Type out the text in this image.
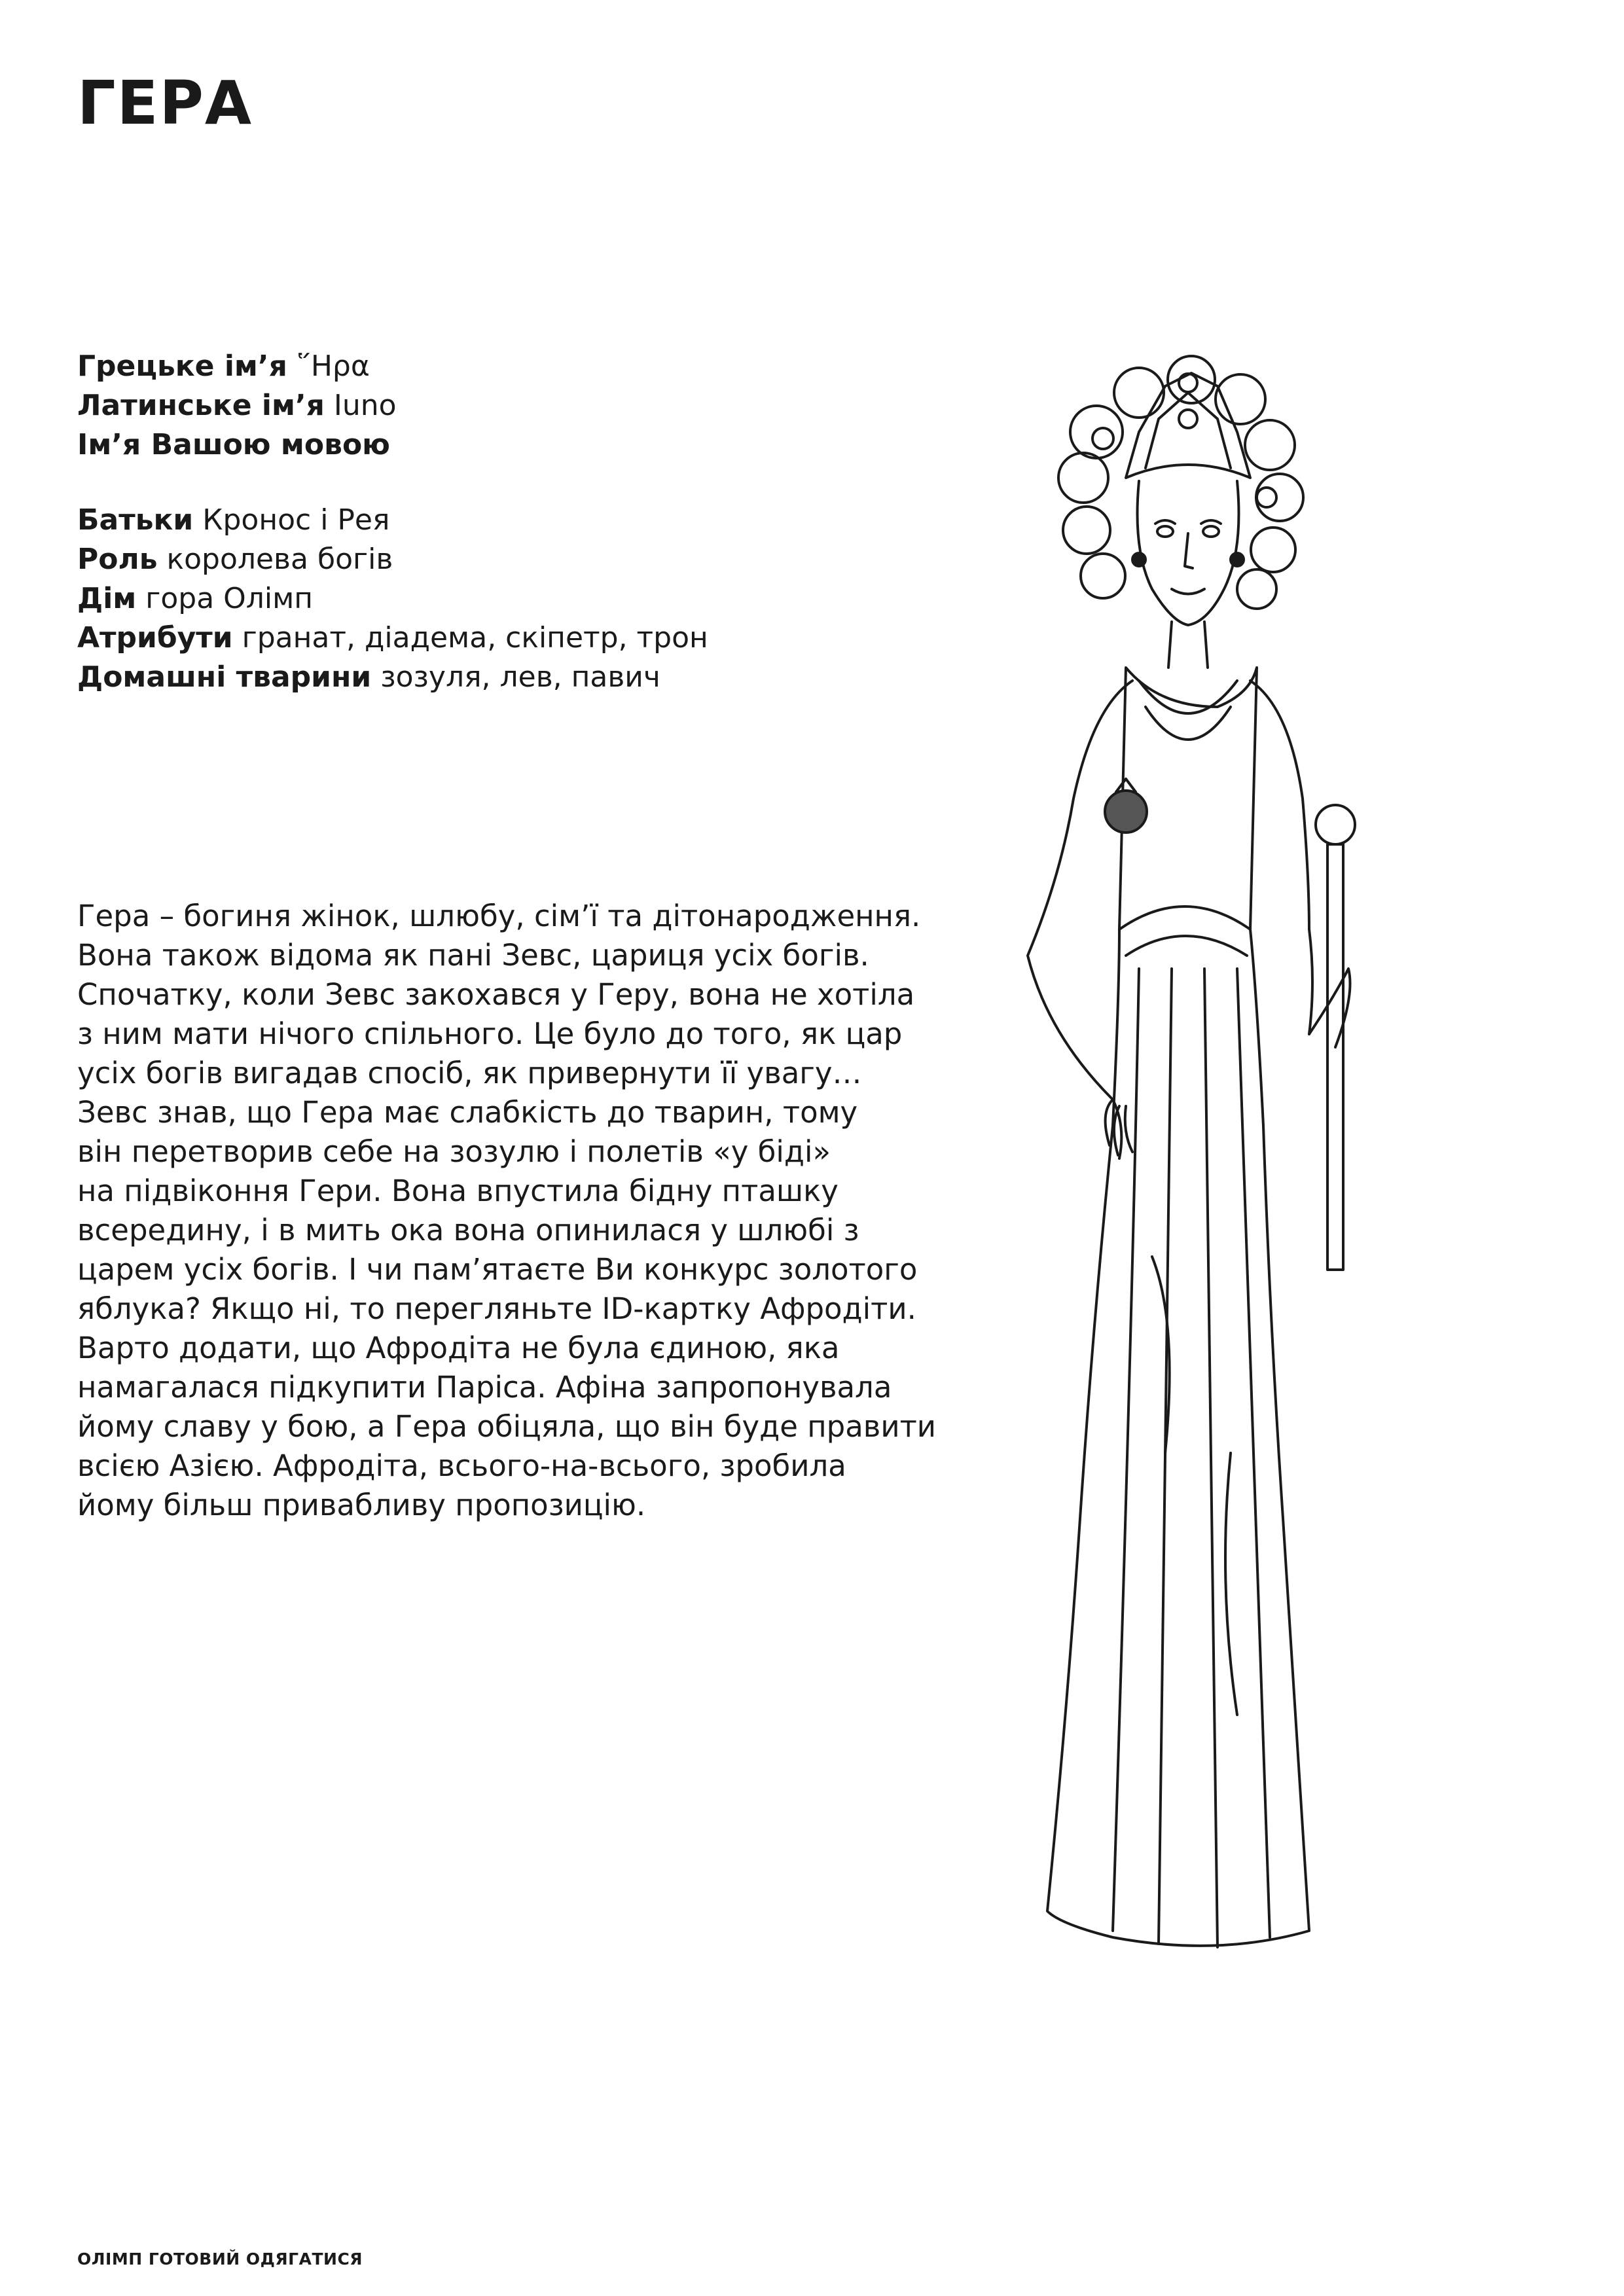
ГЕРА
Грецьке ім’я ῞Ηρα
Латинське ім’я Iuno
Ім’я Вашою мовою
Батьки Кронос і Рея
Роль королева богів
Дім гора Олімп
Атрибути гранат, діадема, скіпетр, трон
Домашні тварини зозуля, лев, павич
Гера – богиня жінок, шлюбу, сім’ї та дітонародження.
Вона також відома як пані Зевс, цариця усіх богів.
Спочатку, коли Зевс закохався у Геру, вона не хотіла
з ним мати нічого спільного. Це було до того, як цар
усіх богів вигадав спосіб, як привернути її увагу…
Зевс знав, що Гера має слабкість до тварин, тому
він перетворив себе на зозулю і полетів «у біді»
на підвіконня Гери. Вона впустила бідну пташку
всередину, і в мить ока вона опинилася у шлюбі з
царем усіх богів. І чи пам’ятаєте Ви конкурс золотого
яблука? Якщо ні, то перегляньте ID-картку Афродіти.
Варто додати, що Афродіта не була єдиною, яка
намагалася підкупити Паріса. Афіна запропонувала
йому славу у бою, а Гера обіцяла, що він буде правити
всією Азією. Афродіта, всього-на-всього, зробила
йому більш привабливу пропозицію.
ОЛІМП ГОТОВИЙ ОДЯГАТИСЯ
